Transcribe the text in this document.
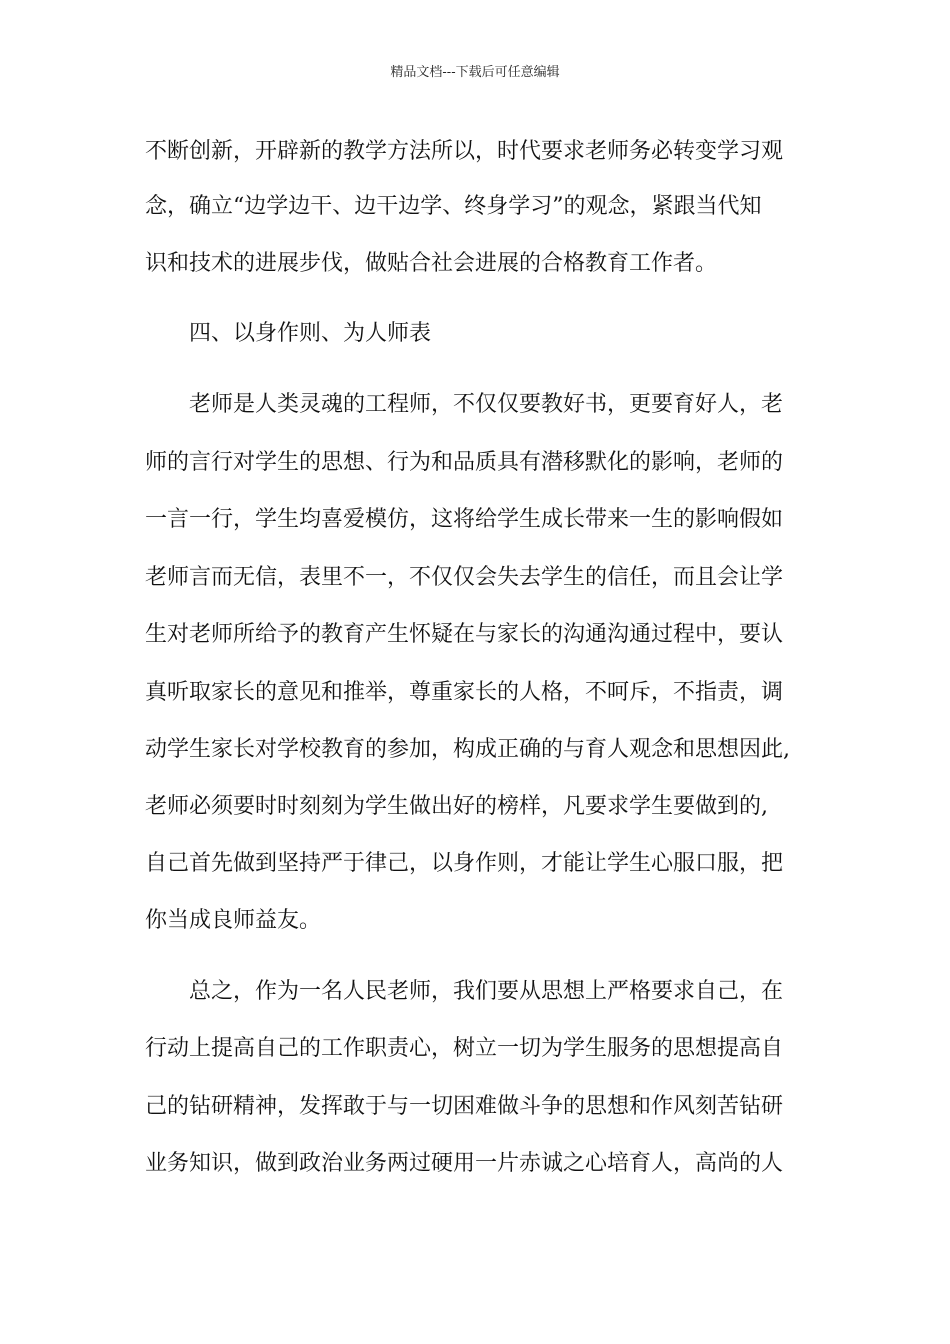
精品文档---下载后可任意编辑
不断创新，开辟新的教学方法所以，时代要求老师务必转变学习观
念，确立“边学边干、边干边学、终身学习”的观念，紧跟当代知
识和技术的进展步伐，做贴合社会进展的合格教育工作者。
　　四、以身作则、为人师表
　　老师是人类灵魂的工程师，不仅仅要教好书，更要育好人，老
师的言行对学生的思想、行为和品质具有潜移默化的影响，老师的
一言一行，学生均喜爱模仿，这将给学生成长带来一生的影响假如
老师言而无信，表里不一，不仅仅会失去学生的信任，而且会让学
生对老师所给予的教育产生怀疑在与家长的沟通沟通过程中，要认
真听取家长的意见和推举，尊重家长的人格，不呵斥，不指责，调
动学生家长对学校教育的参加，构成正确的与育人观念和思想因此,
老师必须要时时刻刻为学生做出好的榜样，凡要求学生要做到的,
自己首先做到坚持严于律己，以身作则，才能让学生心服口服，把
你当成良师益友。
　　总之，作为一名人民老师，我们要从思想上严格要求自己，在
行动上提高自己的工作职责心，树立一切为学生服务的思想提高自
己的钻研精神，发挥敢于与一切困难做斗争的思想和作风刻苦钻研
业务知识，做到政治业务两过硬用一片赤诚之心培育人，高尚的人
